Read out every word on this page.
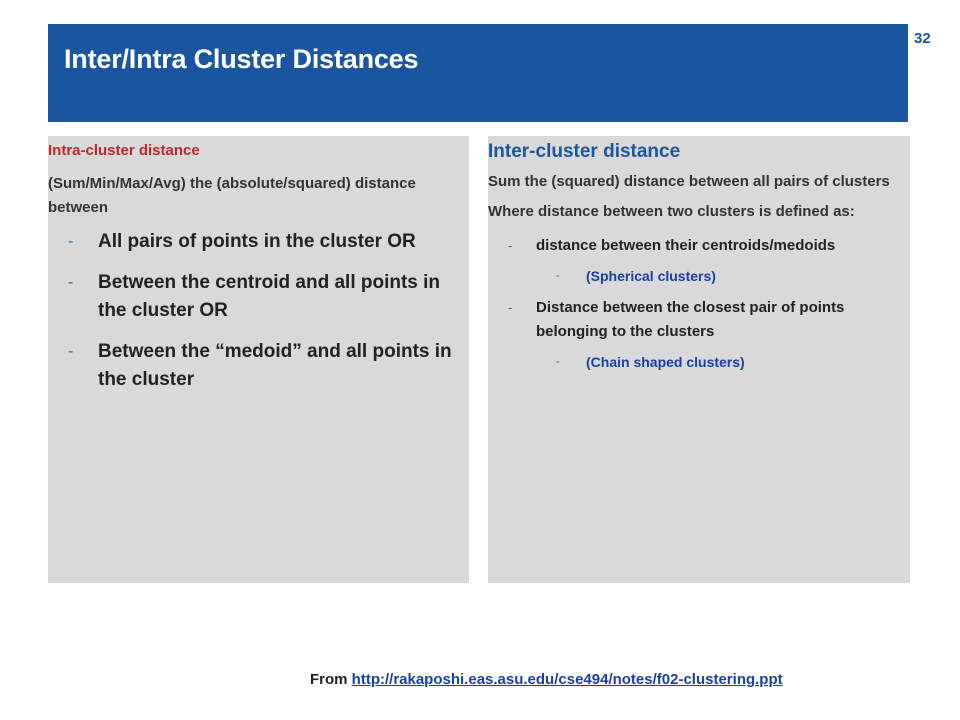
Inter/Intra Cluster Distances
32
Intra-cluster distance
(Sum/Min/Max/Avg) the (absolute/squared) distance between
- All pairs of points in the cluster OR
- Between the centroid and all points in the cluster OR
- Between the “medoid” and all points in the cluster
Inter-cluster distance
Sum the (squared) distance between all pairs of clusters
Where distance between two clusters is defined as:
- distance between their centroids/medoids
- (Spherical clusters)
- Distance between the closest pair of points belonging to the clusters
- (Chain shaped clusters)
From http://rakaposhi.eas.asu.edu/cse494/notes/f02-clustering.ppt
